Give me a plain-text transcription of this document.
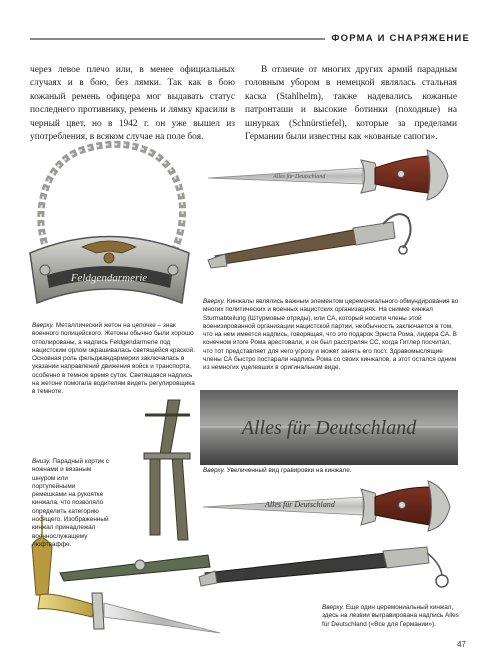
ФОРМА И СНАРЯЖЕНИЕ

через левое плечо или, в менее официальных случаях и в бою, без лямки. Так как в бою кожаный ремень офицера мог выдавать статус последнего противнику, ремень и лямку красили в черный цвет, но в 1942 г. он уже вышел из употребления, в всяком случае на поле боя.

В отличие от многих других армий парадным головным убором в немецкой являлась стальная каска (Stahlhelm), также надевались кожаные патронташи и высокие ботинки (походные) на шнурках (Schnürstiefel), которые за пределами Германии были известны как «кованые сапоги».

Feldgendarmerie
Alles für Deutschland
Вверху. Кинжалы являлись важным элементом церемониального обмундирования во многих политических и военных нацистских организациях. На снимке кинжал Sturmabteilung (Штурмовые отряды), или СА, который носили члены этой военизированной организации нацистской партии, необычность заключается в том, что на нем имеется надпись, говорящая, что это подарок Эрнста Рома, лидера СА. В конечном итоге Рома арестовали, и он был расстрелян СС, когда Гитлер посчитал, что тот представляет для него угрозу и может занять его пост. Здравомыслящие члены СА быстро постарали надпись Рома со своих кинжалов, а этот остался одним из немногих уцелевших в оригинальном виде.
Вверху. Металлический жетон на цепочке – знак военного полицейского. Жетоны обычно были хорошо отполированы, а надпись Feldgendarmerie под нацистским орлом окрашивалась светящейся краской. Основная роль фельджандармерии заключалась в указании направлений движения войск и транспорта, особенно в темное время суток. Светящаяся надпись на жетоне помогала водителям видеть регулировщика в темноте.
Alles für Deutschland
Вверху. Увеличенный вид гравировки на кинжале.
Alles für Deutschland
Внизу. Парадный кортик с ножнами и вязаным шнуром или портупейными ремешками на рукоятке кинжала, что позволяло определить категорию носящего. Изображенный кинжал принадлежал военнослужащему люфтваффе.
Вверху. Еще один церемониальный кинжал, здесь на лезвии выгравирована надпись Alles für Deutschland («Все для Германии»).
47
